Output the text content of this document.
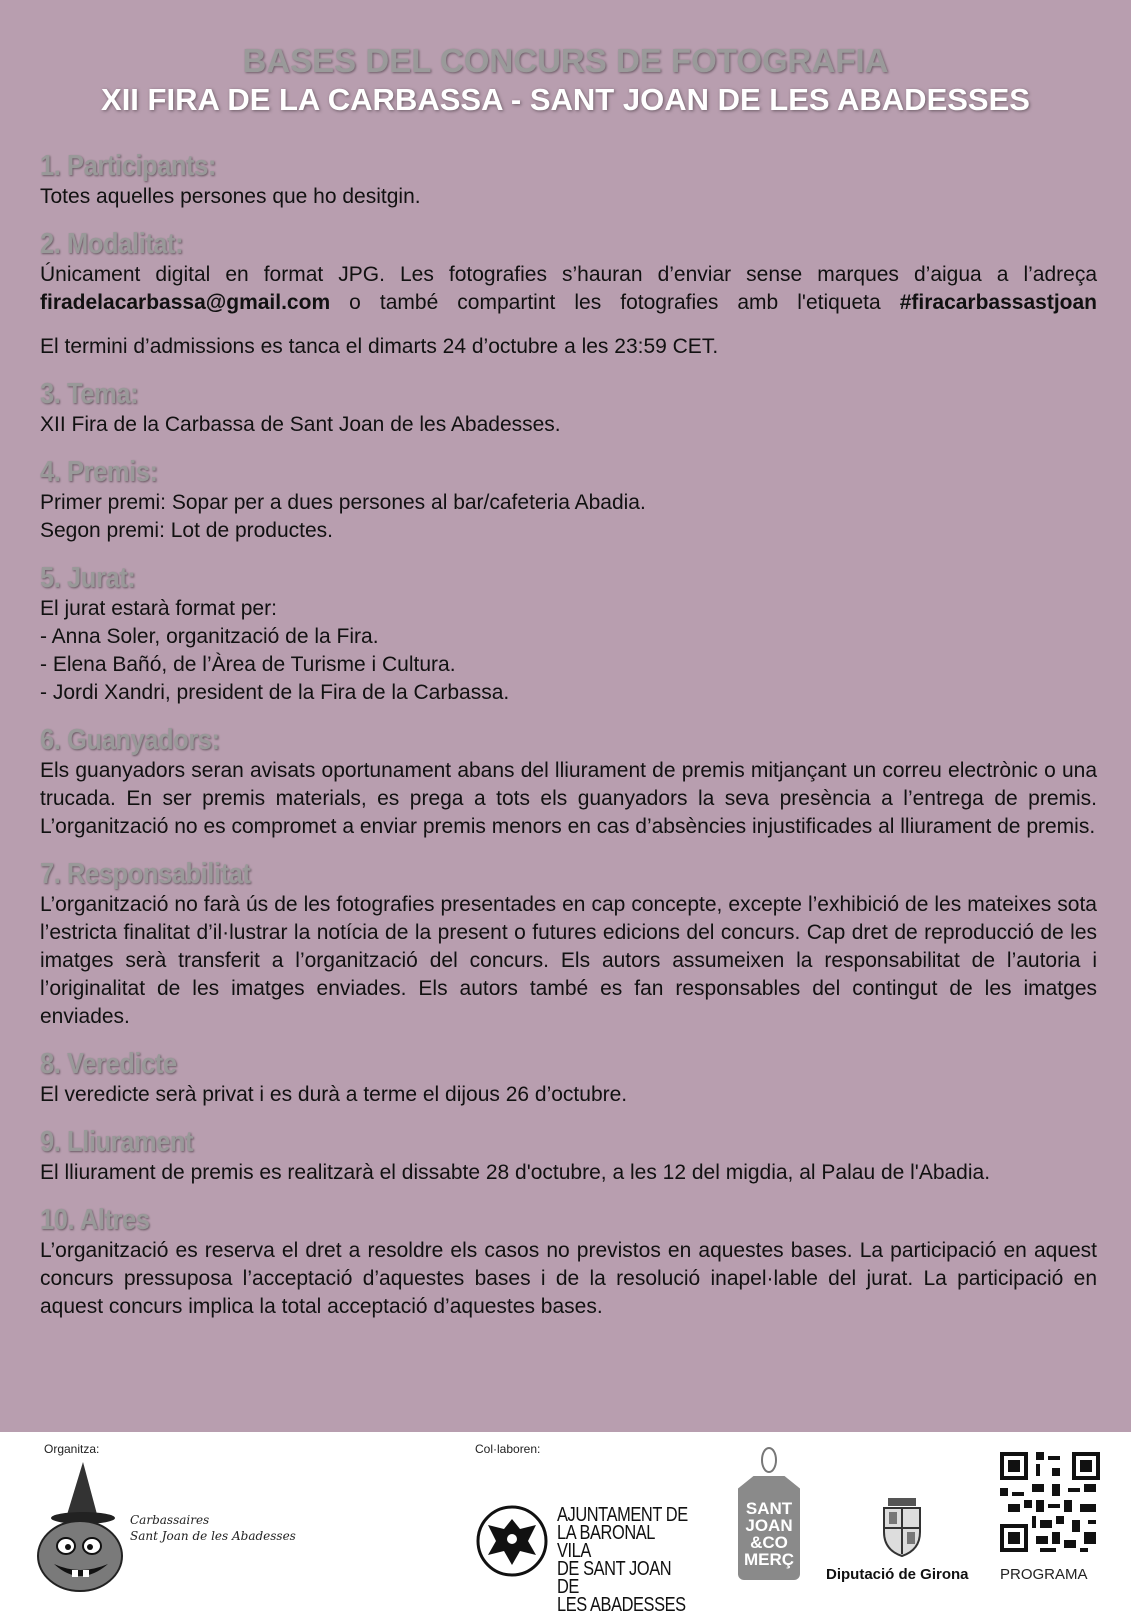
BASES DEL CONCURS DE FOTOGRAFIA
XII FIRA DE LA CARBASSA - SANT JOAN DE LES ABADESSES
1. Participants:

Totes aquelles persones que ho desitgin.

2. Modalitat:

Únicament digital en format JPG. Les fotografies s’hauran d’enviar sense marques d’aigua a l’adreça

firadelacarbassa@gmail.com o també compartint les fotografies amb l'etiqueta #firacarbassastjoan

El termini d’admissions es tanca el dimarts 24 d’octubre a les 23:59 CET.

3. Tema:

XII Fira de la Carbassa de Sant Joan de les Abadesses.

4. Premis:

Primer premi: Sopar per a dues persones al bar/cafeteria Abadia.

Segon premi: Lot de productes.

5. Jurat:

El jurat estarà format per:

- Anna Soler, organització de la Fira.

- Elena Bañó, de l’Àrea de Turisme i Cultura.

- Jordi Xandri, president de la Fira de la Carbassa.

6. Guanyadors:

Els guanyadors seran avisats oportunament abans del lliurament de premis mitjançant un correu electrònic o una trucada. En ser premis materials, es prega a tots els guanyadors la seva presència a l’entrega de premis. L’organització no es compromet a enviar premis menors en cas d’absències injustificades al lliurament de premis.

7. Responsabilitat

L’organització no farà ús de les fotografies presentades en cap concepte, excepte l’exhibició de les mateixes sota l’estricta finalitat d’il·lustrar la notícia de la present o futures edicions del concurs. Cap dret de reproducció de les imatges serà transferit a l’organització del concurs. Els autors assumeixen la responsabilitat de l’autoria i l’originalitat de les imatges enviades. Els autors també es fan responsables del contingut de les imatges enviades.

8. Veredicte

El veredicte serà privat i es durà a terme el dijous 26 d’octubre.

9. Lliurament

El lliurament de premis es realitzarà el dissabte 28 d'octubre, a les 12 del migdia, al Palau de l'Abadia.

10. Altres

L’organització es reserva el dret a resoldre els casos no previstos en aquestes bases. La participació en aquest concurs pressuposa l’acceptació d’aquestes bases i de la resolució inapel·lable del jurat. La participació en aquest concurs implica la total acceptació d’aquestes bases.

Organitza:	Col·laboren:
Carbassaires
Sant Joan de les Abadesses
AJUNTAMENT DE
LA BARONAL VILA
DE SANT JOAN DE
LES ABADESSES
SANT
JOAN
&CO
MERÇ
Diputació de Girona PROGRAMA
